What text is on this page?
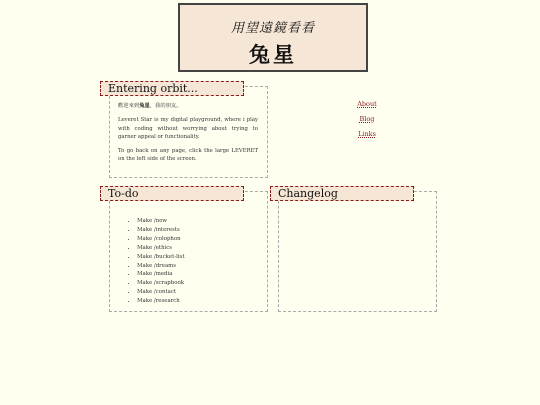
用望遠鏡看看
兔星
Entering orbit...

歡迎來到兔星，我的朋友。

Leveret Star is my digital playground, where i play with coding without worrying about trying to garner appeal or functionality.

To go back on any page, click the large LEVERET on the left side of the screen.

About
Blog
Links
To-do
• Make /now
• Make /interests
• Make /colophon
• Make /ethics
• Make /bucket-list
• Make /dreams
• Make /media
• Make /scrapbook
• Make /contact
• Make /research
Changelog
